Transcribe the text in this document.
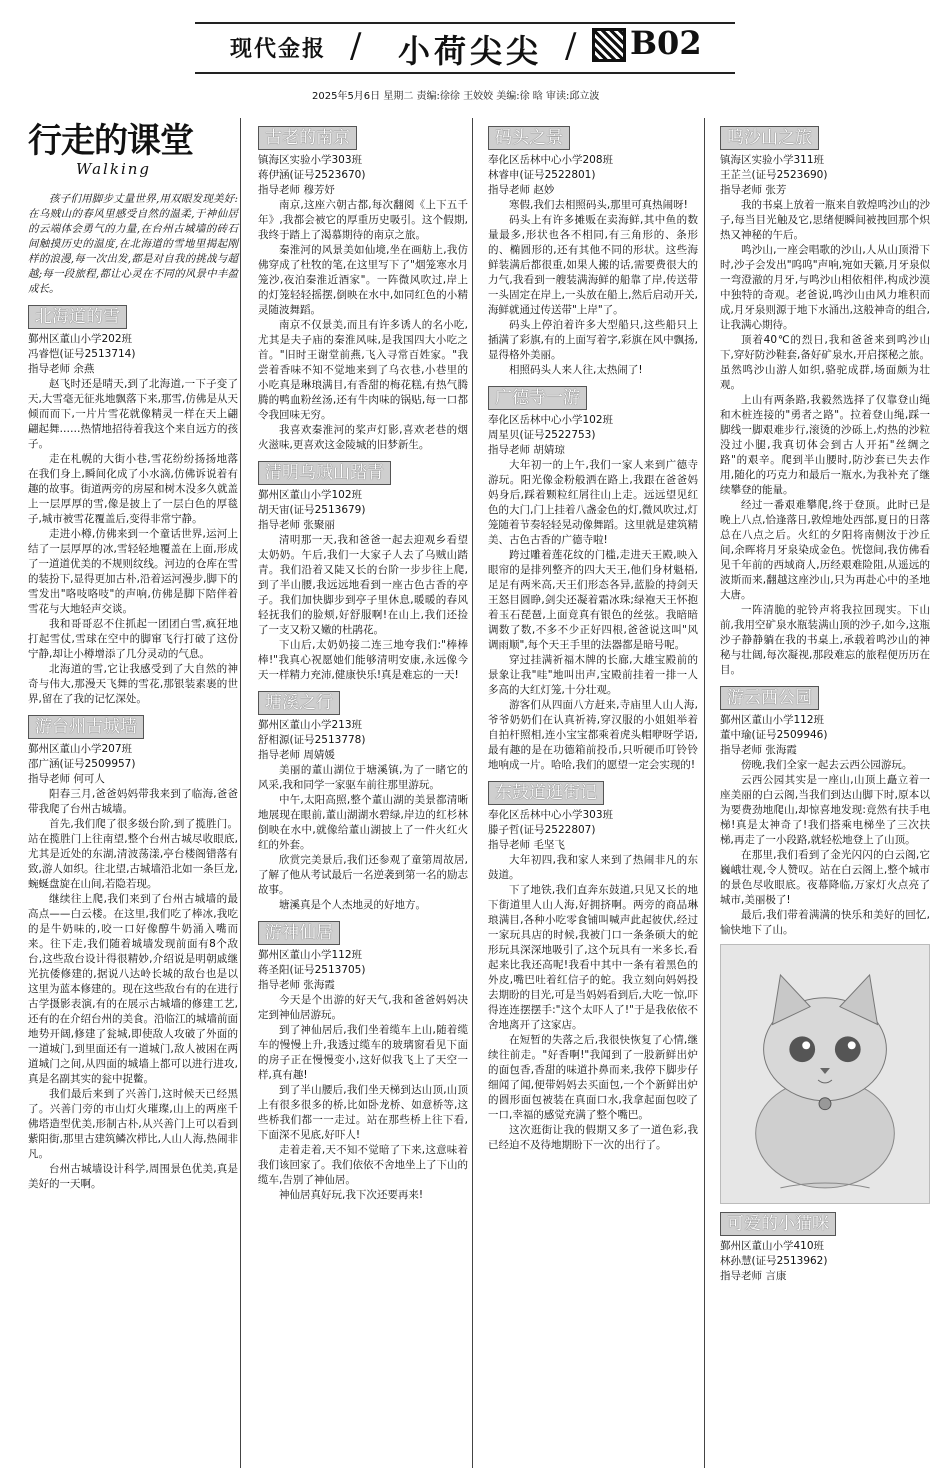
现代金报 / 小荷尖尖 / B02
2025年5月6日 星期二 责编:徐徐 王姣姣 美编:徐 晗 审读:邱立波
行走的课堂
Walking
孩子们用脚步丈量世界,用双眼发现美好:在乌贼山的春风里感受自然的温柔,于神仙居的云端体会勇气的力量,在台州古城墙的砖石间触摸历史的温度,在北海道的雪地里揭起刚样的浪漫,每一次出发,都是对自我的挑战与超越;每一段旅程,都让心灵在不同的风景中丰盈成长。
北海道的雪
鄞州区董山小学202班
冯睿恺(证号2513714)
指导老师 余燕
赵飞时还是晴天,到了北海道,一下子变了天,大雪毫无征兆地飘落下来,那雪,仿佛是从天倾而而下,一片片雪花就像精灵一样在天上翩翩起舞……热情地招待着我这个来自远方的孩子。
走在札幌的大街小巷,雪花纷纷扬扬地落在我们身上,瞬间化成了小水滴,仿佛诉说着有趣的故事。街道两旁的房屋和树木没多久就盖上一层厚厚的雪,像是披上了一层白色的厚毯子,城市被雪花覆盖后,变得非常宁静。
走进小樽,仿佛来到一个童话世界,运河上结了一层厚厚的冰,雪轻轻地覆盖在上面,形成了一道道优美的不规则纹线。河边的仓库在雪的装扮下,显得更加古朴,沿着运河漫步,脚下的雪发出"咯吱咯吱"的声响,仿佛是脚下陪伴着雪花与大地轻声交谈。
我和哥哥忍不住抓起一团团白雪,疯狂地打起雪仗,雪球在空中的脚窜飞行打破了这份宁静,却让小樽增添了几分灵动的气息。
北海道的雪,它让我感受到了大自然的神奇与伟大,那漫天飞舞的雪花,那银装素裹的世界,留在了我的记忆深处。
游台州古城墙
鄞州区董山小学207班
邵广涵(证号2509957)
指导老师 何可人
阳春三月,爸爸妈妈带我来到了临海,爸爸带我爬了台州古城墙。
首先,我们爬了很多级台阶,到了揽胜门。站在揽胜门上往南望,整个台州古城尽收眼底,尤其是近处的东湖,清波荡漾,亭台楼阁错落有致,游人如织。往北望,古城墙沿北如一条巨龙,蜿蜒盘旋在山间,若隐若现。
继续往上爬,我们来到了台州古城墙的最高点——白云楼。在这里,我们吃了棒冰,我吃的是牛奶味的,咬一口好像醇牛奶涌入嘴而来。往下走,我们随着城墙发现前面有8个敌台,这些敌台设计得很精妙,介绍说是明朝戚继光抗倭修建的,据说八达岭长城的敌台也是以这里为蓝本修建的。现在这些敌台有的在进行古学摄影表演,有的在展示古城墙的修建工艺,还有的在介绍台州的美食。沿临江的城墙前面地势开阔,修建了瓮城,即使敌人攻破了外面的一道城门,到里面还有一道城门,敌人被困在两道城门之间,从四面的城墙上都可以进行进攻,真是名副其实的瓮中捉鳖。
我们最后来到了兴善门,这时候天已经黑了。兴善门旁的市山灯火璀璨,山上的两座千佛塔造型优美,形制古朴,从兴善门上可以看到紫阳街,那里古建筑鳞次栉比,人山人海,热闹非凡。
台州古城墙设计科学,周围景色优美,真是美好的一天啊。
古老的南京
镇海区实验小学303班
蒋伊涵(证号2523670)
指导老师 穆芳妤
南京,这座六朝古都,每次翻阅《上下五千年》,我都会被它的厚重历史吸引。这个假期,我终于踏上了渴慕期待的南京之旅。
秦淮河的风景美如仙境,坐在画舫上,我仿佛穿成了杜牧的笔,在这里写下了"烟笼寒水月笼沙,夜泊秦淮近酒家"。一阵微风吹过,岸上的灯笼轻轻摇摆,倒映在水中,如同红色的小精灵随波舞蹈。
南京不仅景美,而且有许多诱人的名小吃,尤其是夫子庙的秦淮风味,是我国四大小吃之首。"旧时王谢堂前燕,飞入寻常百姓家。"我尝着香味不知不觉地来到了乌衣巷,小巷里的小吃真是琳琅满目,有香甜的梅花糕,有热气腾腾的鸭血粉丝汤,还有牛肉味的锅贴,每一口都令我回味无穷。
我喜欢秦淮河的桨声灯影,喜欢老巷的烟火滋味,更喜欢这金陵城的旧梦新生。
清明乌贼山踏青
鄞州区董山小学102班
胡天宙(证号2513679)
指导老师 张聚丽
清明那一天,我和爸爸一起去迎观乡看望太奶奶。午后,我们一大家子人去了乌贼山踏青。我们沿着又陡又长的台阶一步步往上爬,到了半山腰,我远远地看到一座古色古香的亭子。我们加快脚步到亭子里休息,暖暖的春风轻抚我们的脸颊,好舒服啊!在山上,我们还捡了一支又粉又嫩的杜鹃花。
下山后,太奶奶接二连三地夸我们:"棒棒棒!"我真心祝愿她们能够清明安康,永远像今天一样精力充沛,健康快乐!真是难忘的一天!
塘溪之行
鄞州区董山小学213班
舒相源(证号2513778)
指导老师 周婧媛
美丽的董山湖位于塘溪镇,为了一睹它的风采,我和同学一家驱车前往那里游玩。
中午,太阳高照,整个董山湖的美景都清晰地展现在眼前,董山湖湖水碧绿,岸边的红杉林倒映在水中,就像给董山湖披上了一件火红火红的外套。
欣赏完美景后,我们还参观了童第周故居,了解了他从考试最后一名逆袭到第一名的励志故事。
塘溪真是个人杰地灵的好地方。
游神仙居
鄞州区董山小学112班
蒋圣阳(证号2513705)
指导老师 张海霞
今天是个出游的好天气,我和爸爸妈妈决定到神仙居游玩。
到了神仙居后,我们坐着缆车上山,随着缆车的慢慢上升,我透过缆车的玻璃窗看见下面的房子正在慢慢变小,这好似我飞上了天空一样,真有趣!
到了半山腰后,我们坐天梯到达山顶,山顶上有很多很多的桥,比如卧龙桥、如意桥等,这些桥我们都一一走过。站在那些桥上往下看,下面深不见底,好吓人!
走着走着,天不知不觉暗了下来,这意味着我们该回家了。我们依依不舍地坐上了下山的缆车,告别了神仙居。
神仙居真好玩,我下次还要再来!
码头之景
奉化区岳林中心小学208班
林睿申(证号2522801)
指导老师 赵妙
寒假,我们去相照码头,那里可真热闹呀!
码头上有许多摊贩在卖海鲜,其中鱼的数量最多,形状也各不相同,有三角形的、条形的、椭圆形的,还有其他不同的形状。这些海鲜装满后都很重,如果人搬的话,需要费很大的力气,我看到一艘装满海鲜的船靠了岸,传送带一头固定在岸上,一头放在船上,然后启动开关,海鲜就通过传送带"上岸"了。
码头上停泊着许多大型船只,这些船只上插满了彩旗,有的上面写着字,彩旗在风中飘扬,显得格外美丽。
相照码头人来人往,太热闹了!
广德寺一游
奉化区岳林中心小学102班
周星贝(证号2522753)
指导老师 胡婧琼
大年初一的上午,我们一家人来到广德寺游玩。阳光像金粉般洒在路上,我跟在爸爸妈妈身后,踩着颗粒红屑往山上走。远远望见红色的大门,门上挂着八盏金色的灯,微风吹过,灯笼随着节奏轻轻晃动像舞蹈。这里就是建筑精美、古色古香的广德寺啦!
跨过雕着莲花纹的门槛,走进天王殿,映入眼帘的是排列整齐的四大天王,他们身材魁梧,足足有两米高,天王们形态各异,蓝脸的持剑天王怒目圆睁,剑尖还凝着霜冰珠;绿袍天王怀抱着玉石琵琶,上面竟真有银色的丝弦。我暗暗调数了数,不多不少正好四根,爸爸说这叫"风调雨顺",每个天王手里的法器都是暗号呢。
穿过挂满祈福木牌的长廊,大雄宝殿前的景象让我"哇"地叫出声,宝殿前挂着一排一人多高的大红灯笼,十分壮观。
游客们从四面八方赶来,寺庙里人山人海,爷爷奶奶们在认真祈祷,穿汉服的小姐姐举着自拍杆照相,连小宝宝都乘着虎头帽咿呀学语,最有趣的是在功德箱前投币,只听硬币叮铃铃地响成一片。哈哈,我们的愿望一定会实现的!
东鼓道逛街记
奉化区岳林中心小学303班
滕子哲(证号2522807)
指导老师 毛坚飞
大年初四,我和家人来到了热闹非凡的东鼓道。
下了地铁,我们直奔东鼓道,只见又长的地下街道里人山人海,好拥挤啊。两旁的商品琳琅满目,各种小吃零食铺叫喊声此起彼伏,经过一家玩具店的时候,我被门口一条条硕大的蛇形玩具深深地吸引了,这个玩具有一米多长,看起来比我还高呢!我看中其中一条有着黑色的外皮,嘴巴吐着红信子的蛇。我立刻向妈妈投去期盼的目光,可是当妈妈看到后,大吃一惊,吓得连连摆摆手:"这个太吓人了!"于是我依依不舍地离开了这家店。
在短暂的失落之后,我很快恢复了心情,继续往前走。"好香啊!"我闻到了一股新鲜出炉的面包香,香甜的味道扑鼻而来,我停下脚步仔细闻了闻,便带妈妈去买面包,一个个新鲜出炉的圆形面包被装在真面口水,我拿起面包咬了一口,幸福的感觉充满了整个嘴巴。
这次逛街让我的假期又多了一道色彩,我已经迫不及待地期盼下一次的出行了。
鸣沙山之旅
镇海区实验小学311班
王芷兰(证号2523690)
指导老师 张芳
我的书桌上放着一瓶来自敦煌鸣沙山的沙子,每当目光触及它,思绪便瞬间被拽回那个炽热又神秘的午后。
鸣沙山,一座会唱歌的沙山,人从山顶滑下时,沙子会发出"呜呜"声响,宛如天籁,月牙泉似一弯澄澈的月牙,与鸣沙山相依相伴,构成沙漠中独特的奇观。老爸说,鸣沙山由风力堆积而成,月牙泉则源于地下水涌出,这般神奇的组合,让我满心期待。
顶着40℃的烈日,我和爸爸来到鸣沙山下,穿好防沙鞋套,备好矿泉水,开启探秘之旅。虽然鸣沙山游人如织,骆驼成群,场面颇为壮观。
上山有两条路,我毅然选择了仅靠登山绳和木桩连接的"勇者之路"。拉着登山绳,踩一脚线一脚艰难步行,滚烫的沙砾上,灼热的沙粒没过小腿,我真切体会到古人开拓"丝绸之路"的艰辛。爬到半山腰时,防沙套已失去作用,随化的巧克力和最后一瓶水,为我补充了继续攀登的能量。
经过一番艰难攀爬,终于登顶。此时已是晚上八点,恰逢落日,敦煌地处西部,夏日的日落总在八点之后。火红的夕阳将南侧汝于沙丘间,余晖将月牙泉染成金色。恍惚间,我仿佛看见千年前的西域商人,历经艰难险阻,从遥远的波斯而来,翻越这座沙山,只为再赴心中的圣地大唐。
一阵清脆的驼铃声将我拉回现实。下山前,我用空矿泉水瓶装满山顶的沙子,如今,这瓶沙子静静躺在我的书桌上,承载着鸣沙山的神秘与壮阔,每次凝视,那段难忘的旅程便历历在目。
游云西公园
鄞州区董山小学112班
董中瑜(证号2509946)
指导老师 张海霞
傍晚,我们全家一起去云西公园游玩。
云西公园其实是一座山,山顶上矗立着一座美丽的白云阁,当我们到达山脚下时,原本以为要费劲地爬山,却惊喜地发现:竟然有扶手电梯!真是太神奇了!我们搭乘电梯坐了三次扶梯,再走了一小段路,就轻松地登上了山顶。
在那里,我们看到了金光闪闪的白云阁,它巍峨壮观,令人赞叹。站在白云阁上,整个城市的景色尽收眼底。夜幕降临,万家灯火点亮了城市,美丽极了!
最后,我们带着满满的快乐和美好的回忆,愉快地下了山。
可爱的小猫咪
鄞州区董山小学410班
林孙慧(证号2513962)
指导老师 言康
